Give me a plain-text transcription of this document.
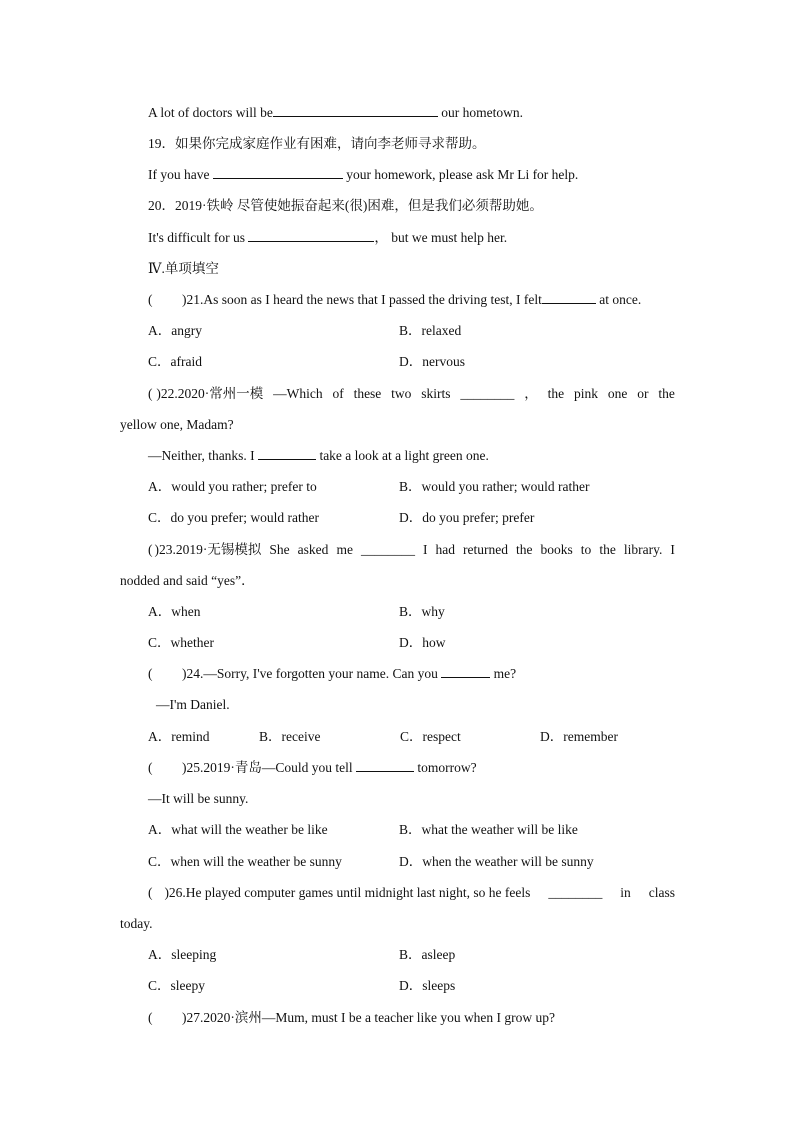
A lot of doctors will be	our hometown.
19．如果你完成家庭作业有困难，请向李老师寻求帮助。
If you have	your homework, please ask Mr Li for help.
20．2019·铁岭 尽管使她振奋起来(很)困难，但是我们必须帮助她。
It's difficult for us	， but we must help her.
Ⅳ.单项填空
( )21.As soon as I heard the news that I passed the driving test, I felt	at once.
A．angry	B．relaxed
C．afraid	D．nervous
( )22.2020·常州一模 —Which of these two skirts ________ ， the pink one or the
yellow one, Madam?
—Neither, thanks. I	take a look at a light green one.
A．would you rather; prefer to	B．would you rather; would rather
C．do you prefer; would rather	D．do you prefer; prefer
( )23.2019·无锡模拟 She asked me ________ I had returned the books to the library. I
nodded and said “yes”．
A．when	B．why
C．whether	D．how
( )24.—Sorry, I've forgotten your name. Can you	me?
—I'm Daniel.
A．remind	B．receive	C．respect	D．remember
( )25.2019·青岛—Could you tell	tomorrow?
—It will be sunny.
A．what will the weather be like	B．what the weather will be like
C．when will the weather be sunny	D．when the weather will be sunny
( )26.He played computer games until midnight last night, so he feels ________ in class
today.
A．sleeping	B．asleep
C．sleepy	D．sleeps
( )27.2020·滨州—Mum, must I be a teacher like you when I grow up?
